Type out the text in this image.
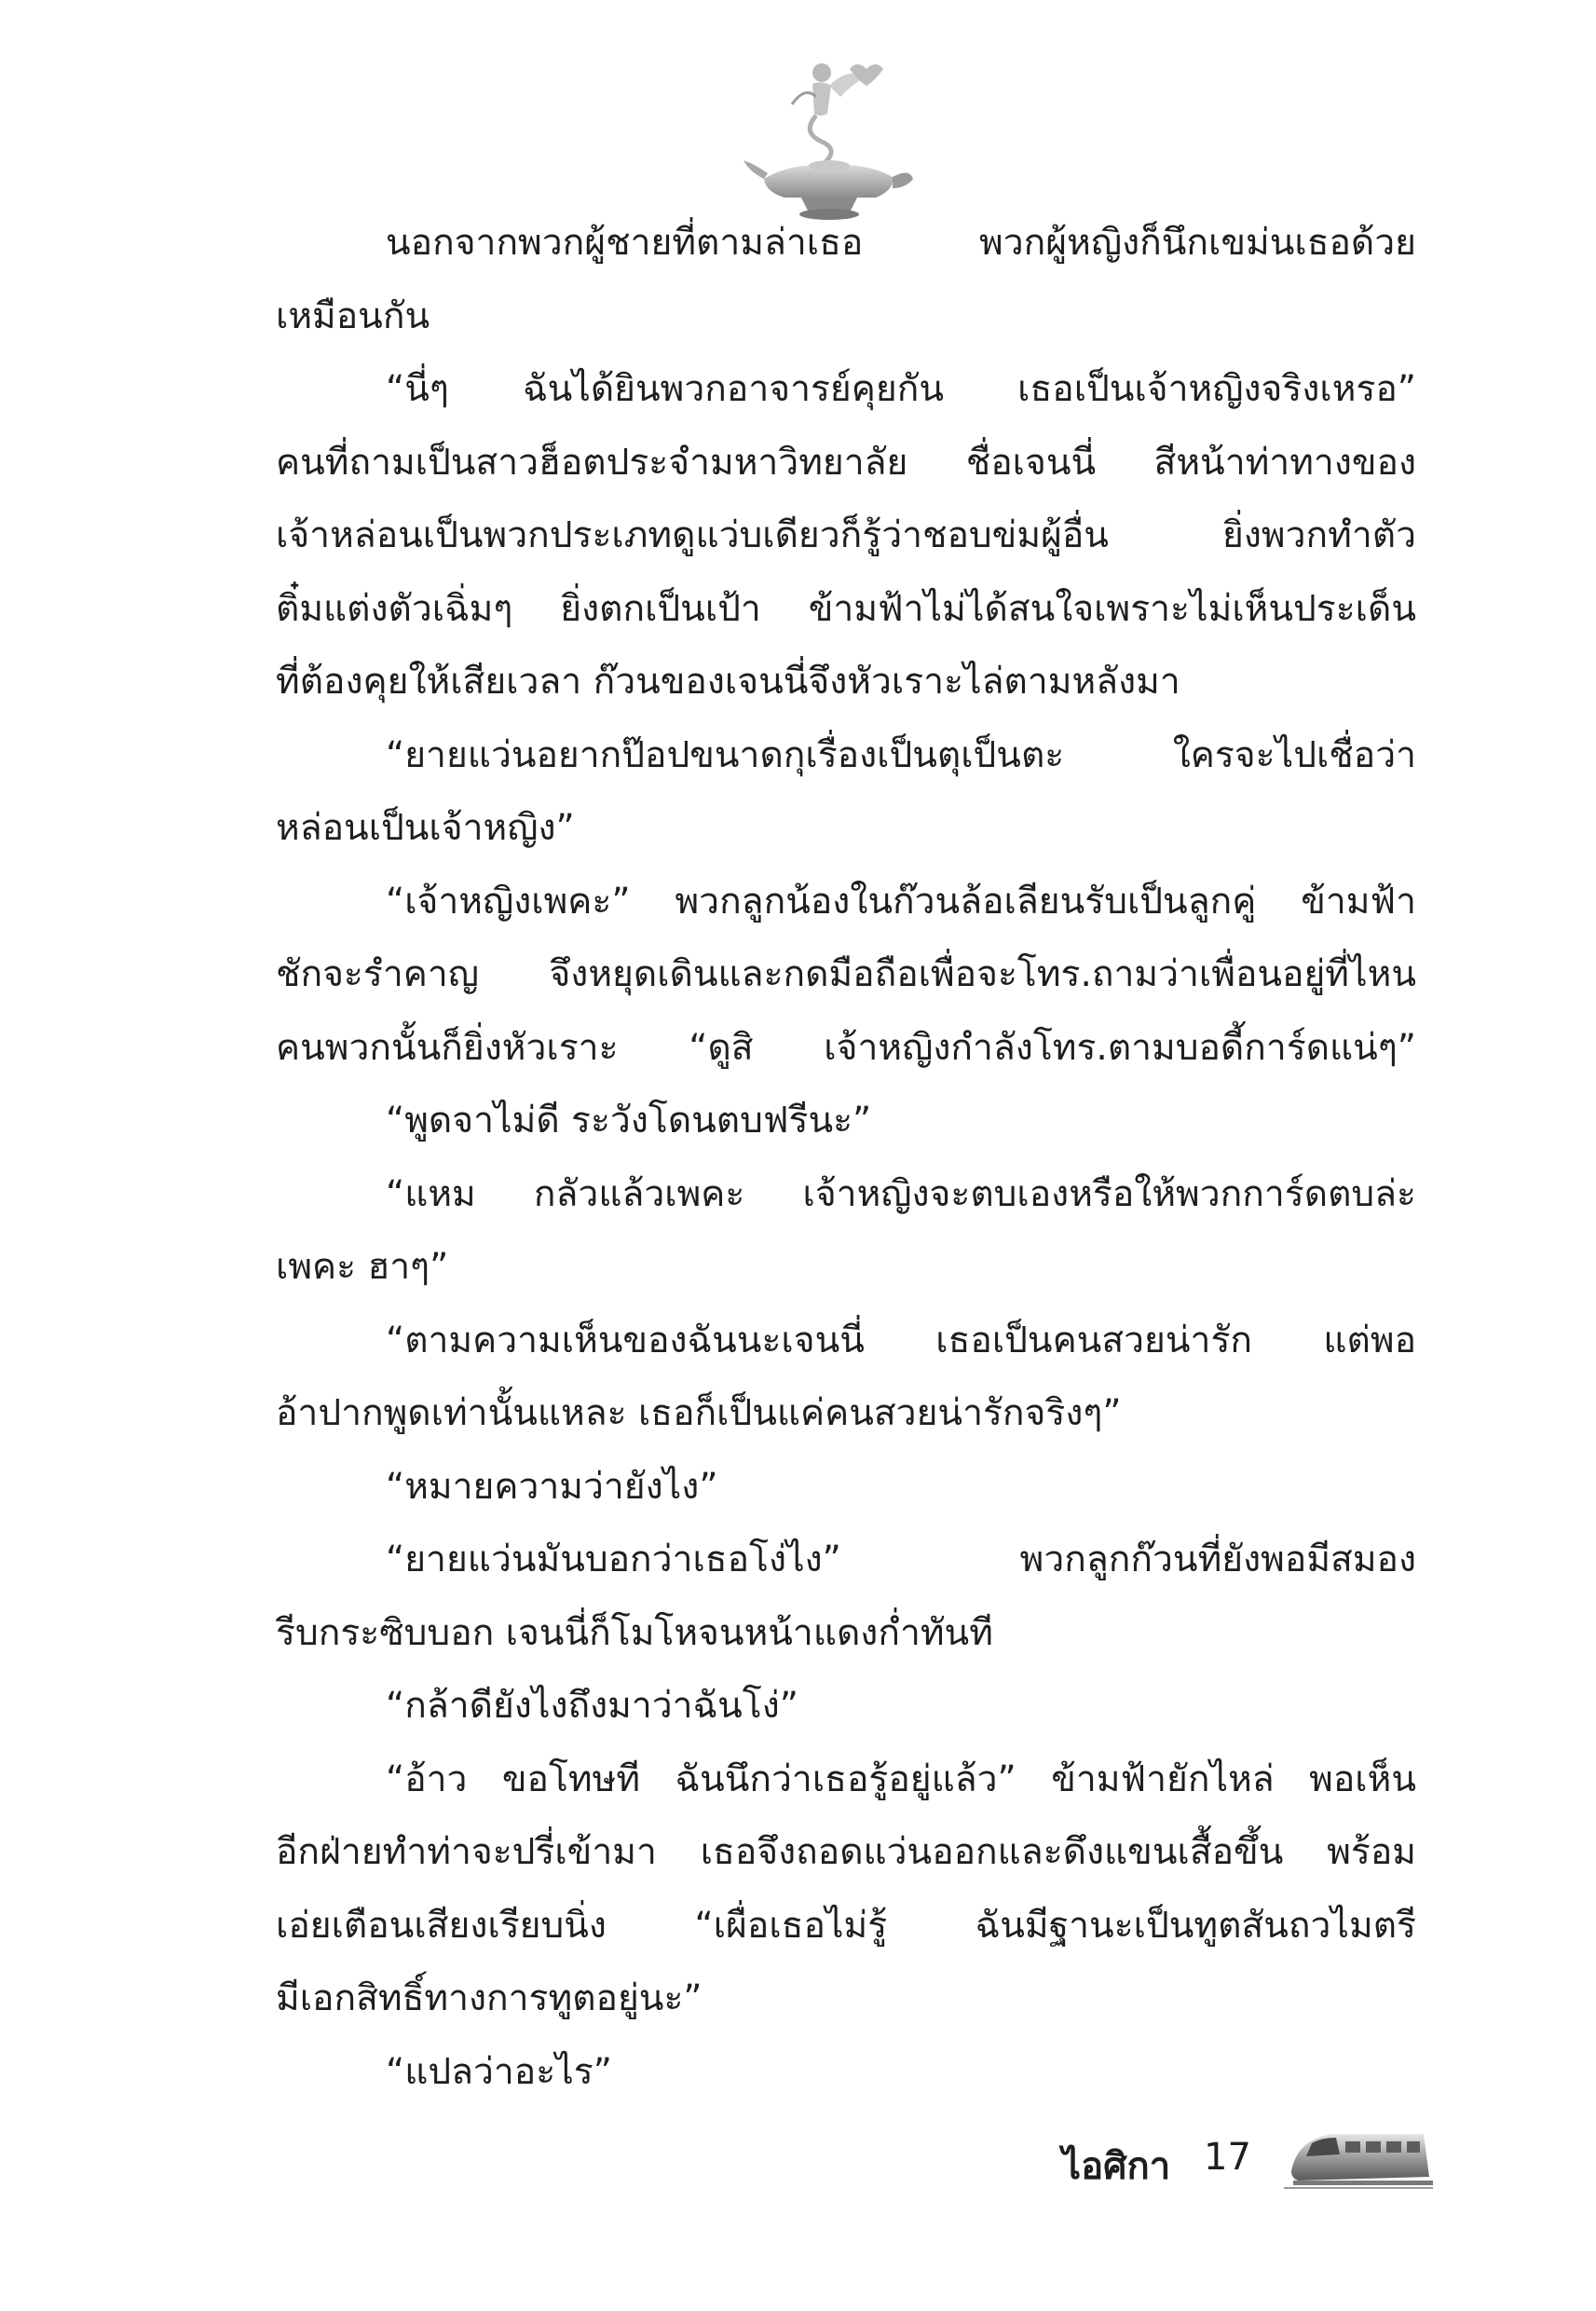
นอกจากพวกผู้ชายที่ตามล่าเธอ พวกผู้หญิงก็นึกเขม่นเธอด้วย
เหมือนกัน
“นี่ๆ ฉันได้ยินพวกอาจารย์คุยกัน เธอเป็นเจ้าหญิงจริงเหรอ”
คนที่ถามเป็นสาวฮ็อตประจำมหาวิทยาลัย ชื่อเจนนี่ สีหน้าท่าทางของ
เจ้าหล่อนเป็นพวกประเภทดูแว่บเดียวก็รู้ว่าชอบข่มผู้อื่น ยิ่งพวกทำตัว
ติ๋มแต่งตัวเฉิ่มๆ ยิ่งตกเป็นเป้า ข้ามฟ้าไม่ได้สนใจเพราะไม่เห็นประเด็น
ที่ต้องคุยให้เสียเวลา ก๊วนของเจนนี่จึงหัวเราะไล่ตามหลังมา
“ยายแว่นอยากป๊อปขนาดกุเรื่องเป็นตุเป็นตะ ใครจะไปเชื่อว่า
หล่อนเป็นเจ้าหญิง”
“เจ้าหญิงเพคะ” พวกลูกน้องในก๊วนล้อเลียนรับเป็นลูกคู่ ข้ามฟ้า
ชักจะรำคาญ จึงหยุดเดินและกดมือถือเพื่อจะโทร.ถามว่าเพื่อนอยู่ที่ไหน
คนพวกนั้นก็ยิ่งหัวเราะ “ดูสิ เจ้าหญิงกำลังโทร.ตามบอดี้การ์ดแน่ๆ”
“พูดจาไม่ดี ระวังโดนตบฟรีนะ”
“แหม กลัวแล้วเพคะ เจ้าหญิงจะตบเองหรือให้พวกการ์ดตบล่ะ
เพคะ ฮาๆ”
“ตามความเห็นของฉันนะเจนนี่ เธอเป็นคนสวยน่ารัก แต่พอ
อ้าปากพูดเท่านั้นแหละ เธอก็เป็นแค่คนสวยน่ารักจริงๆ”
“หมายความว่ายังไง”
“ยายแว่นมันบอกว่าเธอโง่ไง” พวกลูกก๊วนที่ยังพอมีสมอง
รีบกระซิบบอก เจนนี่ก็โมโหจนหน้าแดงก่ำทันที
“กล้าดียังไงถึงมาว่าฉันโง่”
“อ้าว ขอโทษที ฉันนึกว่าเธอรู้อยู่แล้ว” ข้ามฟ้ายักไหล่ พอเห็น
อีกฝ่ายทำท่าจะปรี่เข้ามา เธอจึงถอดแว่นออกและดึงแขนเสื้อขึ้น พร้อม
เอ่ยเตือนเสียงเรียบนิ่ง “เผื่อเธอไม่รู้ ฉันมีฐานะเป็นทูตสันถวไมตรี
มีเอกสิทธิ์ทางการทูตอยู่นะ”
“แปลว่าอะไร”
ไอศิกา 17
